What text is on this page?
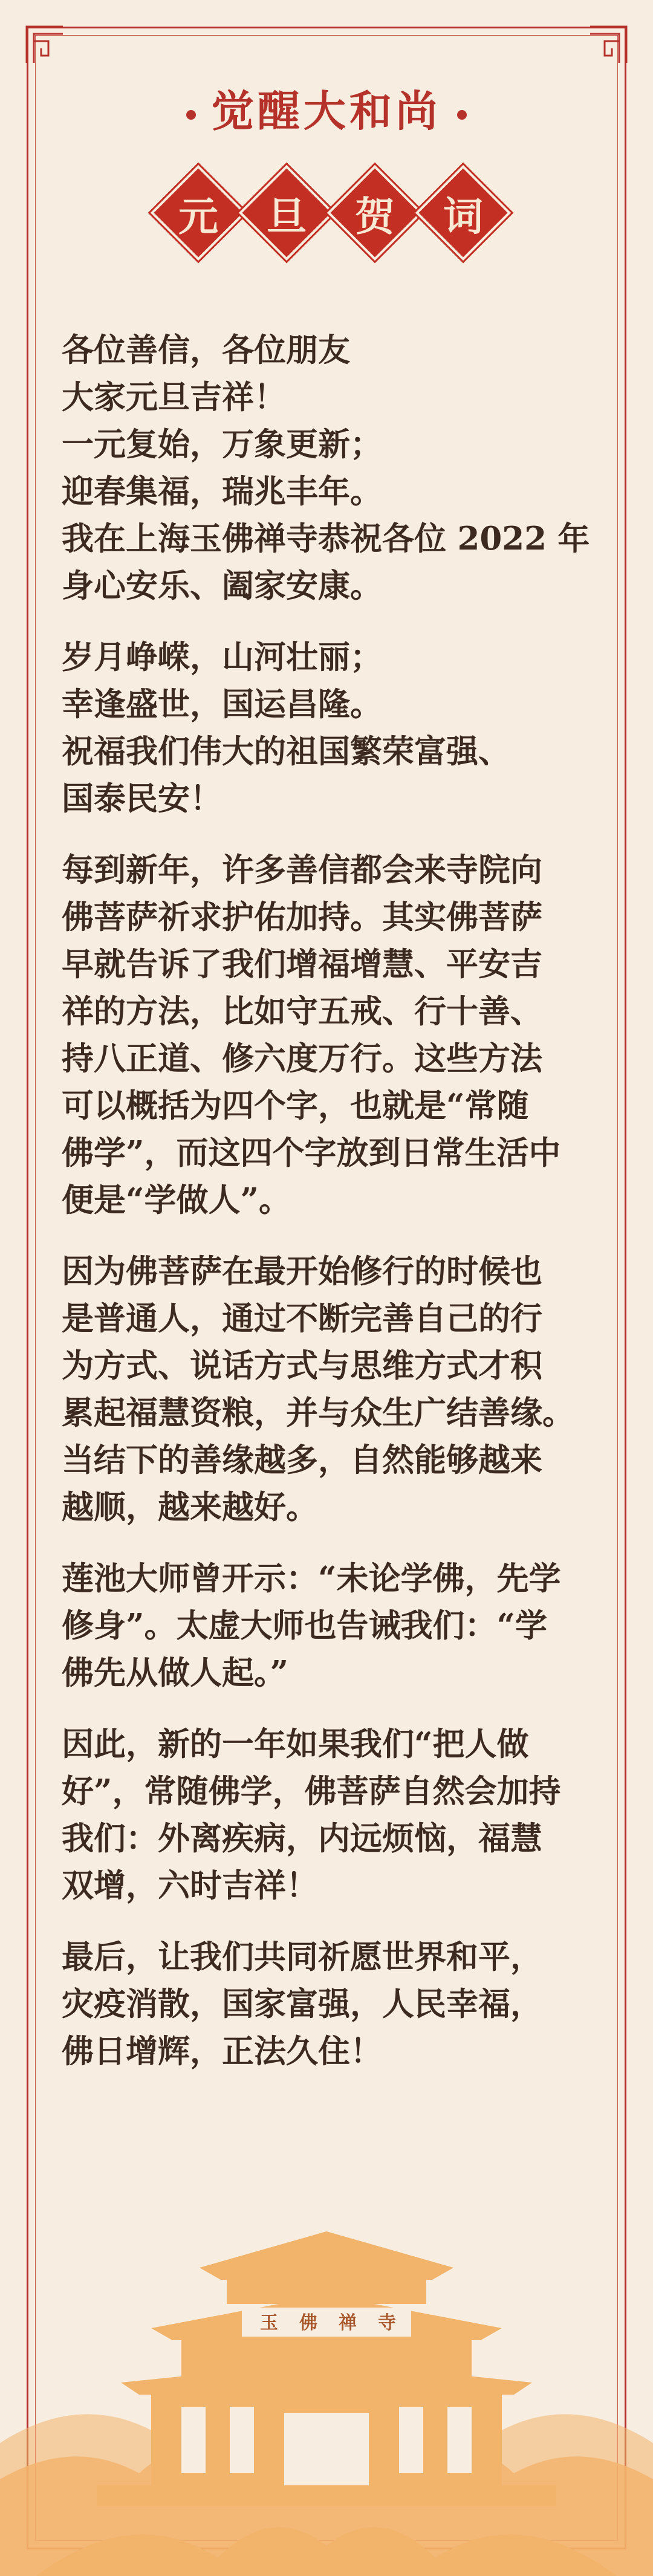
觉醒大和尚
元 旦 贺 词

各位善信，各位朋友

大家元旦吉祥！

一元复始，万象更新；

迎春集福，瑞兆丰年。

我在上海玉佛禅寺恭祝各位 2022 年

身心安乐、阖家安康。

岁月峥嵘，山河壮丽；

幸逢盛世，国运昌隆。

祝福我们伟大的祖国繁荣富强、

国泰民安！

每到新年，许多善信都会来寺院向

佛菩萨祈求护佑加持。其实佛菩萨

早就告诉了我们增福增慧、平安吉

祥的方法，比如守五戒、行十善、

持八正道、修六度万行。这些方法

可以概括为四个字，也就是“常随

佛学”，而这四个字放到日常生活中

便是“学做人”。

因为佛菩萨在最开始修行的时候也

是普通人，通过不断完善自己的行

为方式、说话方式与思维方式才积

累起福慧资粮，并与众生广结善缘。

当结下的善缘越多，自然能够越来

越顺，越来越好。

莲池大师曾开示：“未论学佛，先学

修身”。太虚大师也告诫我们：“学

佛先从做人起。”

因此，新的一年如果我们“把人做

好”，常随佛学，佛菩萨自然会加持

我们：外离疾病，内远烦恼，福慧

双增，六时吉祥！

最后，让我们共同祈愿世界和平，

灾疫消散，国家富强，人民幸福，

佛日增辉，正法久住！

玉 佛 禅 寺
